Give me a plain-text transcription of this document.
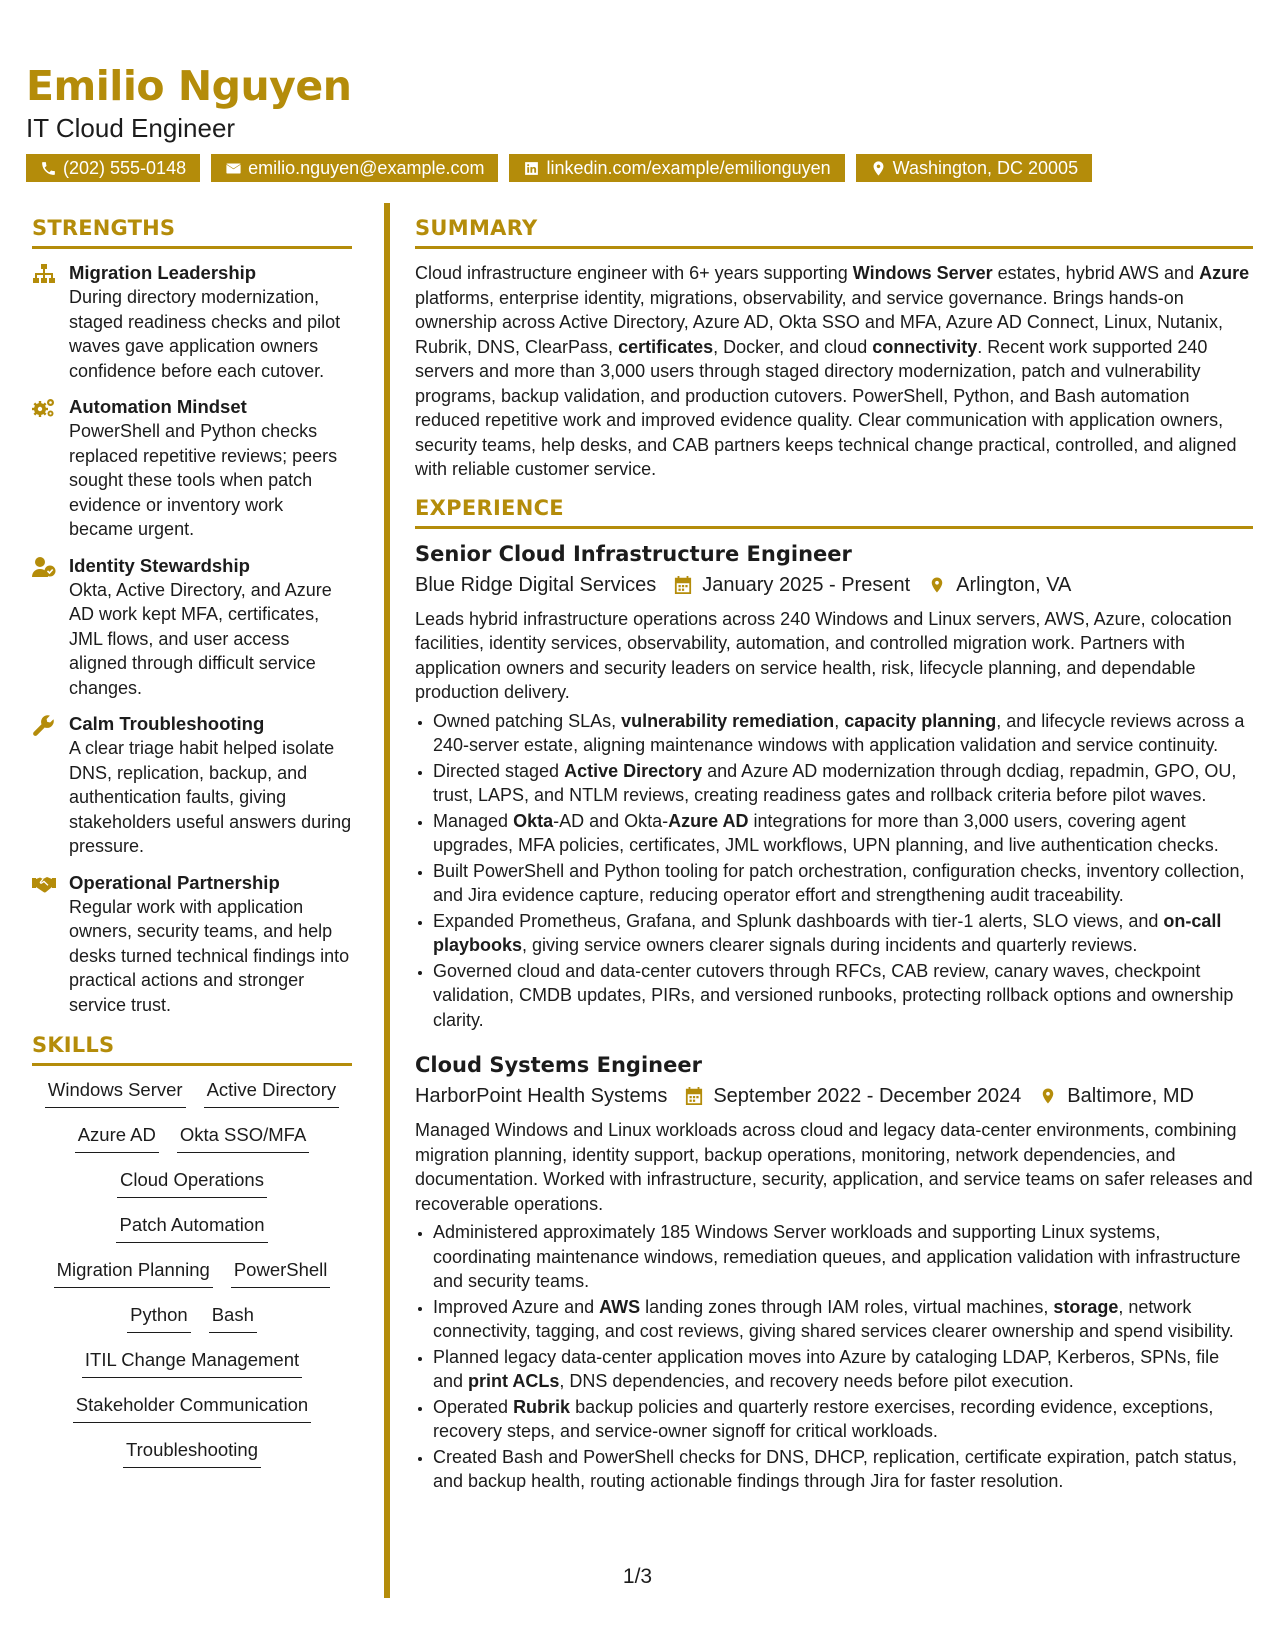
Emilio Nguyen
IT Cloud Engineer
(202) 555-0148	emilio.nguyen@example.com	linkedin.com/example/emilionguyen	Washington, DC 20005
STRENGTHS
Migration Leadership
During directory modernization, staged readiness checks and pilot waves gave application owners confidence before each cutover.
Automation Mindset
PowerShell and Python checks replaced repetitive reviews; peers sought these tools when patch evidence or inventory work became urgent.
Identity Stewardship
Okta, Active Directory, and Azure AD work kept MFA, certificates, JML flows, and user access aligned through difficult service changes.
Calm Troubleshooting
A clear triage habit helped isolate DNS, replication, backup, and authentication faults, giving stakeholders useful answers during pressure.
Operational Partnership
Regular work with application owners, security teams, and help desks turned technical findings into practical actions and stronger service trust.
SKILLS
Windows Server Active Directory
Azure AD Okta SSO/MFA
Cloud Operations
Patch Automation
Migration Planning PowerShell
Python Bash
ITIL Change Management
Stakeholder Communication
Troubleshooting
SUMMARY
Cloud infrastructure engineer with 6+ years supporting Windows Server estates, hybrid AWS and Azure platforms, enterprise identity, migrations, observability, and service governance. Brings hands-on ownership across Active Directory, Azure AD, Okta SSO and MFA, Azure AD Connect, Linux, Nutanix, Rubrik, DNS, ClearPass, certificates, Docker, and cloud connectivity. Recent work supported 240 servers and more than 3,000 users through staged directory modernization, patch and vulnerability programs, backup validation, and production cutovers. PowerShell, Python, and Bash automation reduced repetitive work and improved evidence quality. Clear communication with application owners, security teams, help desks, and CAB partners keeps technical change practical, controlled, and aligned with reliable customer service.
EXPERIENCE
Senior Cloud Infrastructure Engineer
Blue Ridge Digital Services January 2025 - Present Arlington, VA
Leads hybrid infrastructure operations across 240 Windows and Linux servers, AWS, Azure, colocation facilities, identity services, observability, automation, and controlled migration work. Partners with application owners and security leaders on service health, risk, lifecycle planning, and dependable production delivery.
• Owned patching SLAs, vulnerability remediation, capacity planning, and lifecycle reviews across a 240-server estate, aligning maintenance windows with application validation and service continuity.
• Directed staged Active Directory and Azure AD modernization through dcdiag, repadmin, GPO, OU, trust, LAPS, and NTLM reviews, creating readiness gates and rollback criteria before pilot waves.
• Managed Okta-AD and Okta-Azure AD integrations for more than 3,000 users, covering agent upgrades, MFA policies, certificates, JML workflows, UPN planning, and live authentication checks.
• Built PowerShell and Python tooling for patch orchestration, configuration checks, inventory collection, and Jira evidence capture, reducing operator effort and strengthening audit traceability.
• Expanded Prometheus, Grafana, and Splunk dashboards with tier-1 alerts, SLO views, and on-call playbooks, giving service owners clearer signals during incidents and quarterly reviews.
• Governed cloud and data-center cutovers through RFCs, CAB review, canary waves, checkpoint validation, CMDB updates, PIRs, and versioned runbooks, protecting rollback options and ownership clarity.
Cloud Systems Engineer
HarborPoint Health Systems September 2022 - December 2024 Baltimore, MD
Managed Windows and Linux workloads across cloud and legacy data-center environments, combining migration planning, identity support, backup operations, monitoring, network dependencies, and documentation. Worked with infrastructure, security, application, and service teams on safer releases and recoverable operations.
• Administered approximately 185 Windows Server workloads and supporting Linux systems, coordinating maintenance windows, remediation queues, and application validation with infrastructure and security teams.
• Improved Azure and AWS landing zones through IAM roles, virtual machines, storage, network connectivity, tagging, and cost reviews, giving shared services clearer ownership and spend visibility.
• Planned legacy data-center application moves into Azure by cataloging LDAP, Kerberos, SPNs, file and print ACLs, DNS dependencies, and recovery needs before pilot execution.
• Operated Rubrik backup policies and quarterly restore exercises, recording evidence, exceptions, recovery steps, and service-owner signoff for critical workloads.
• Created Bash and PowerShell checks for DNS, DHCP, replication, certificate expiration, patch status, and backup health, routing actionable findings through Jira for faster resolution.
1/3
